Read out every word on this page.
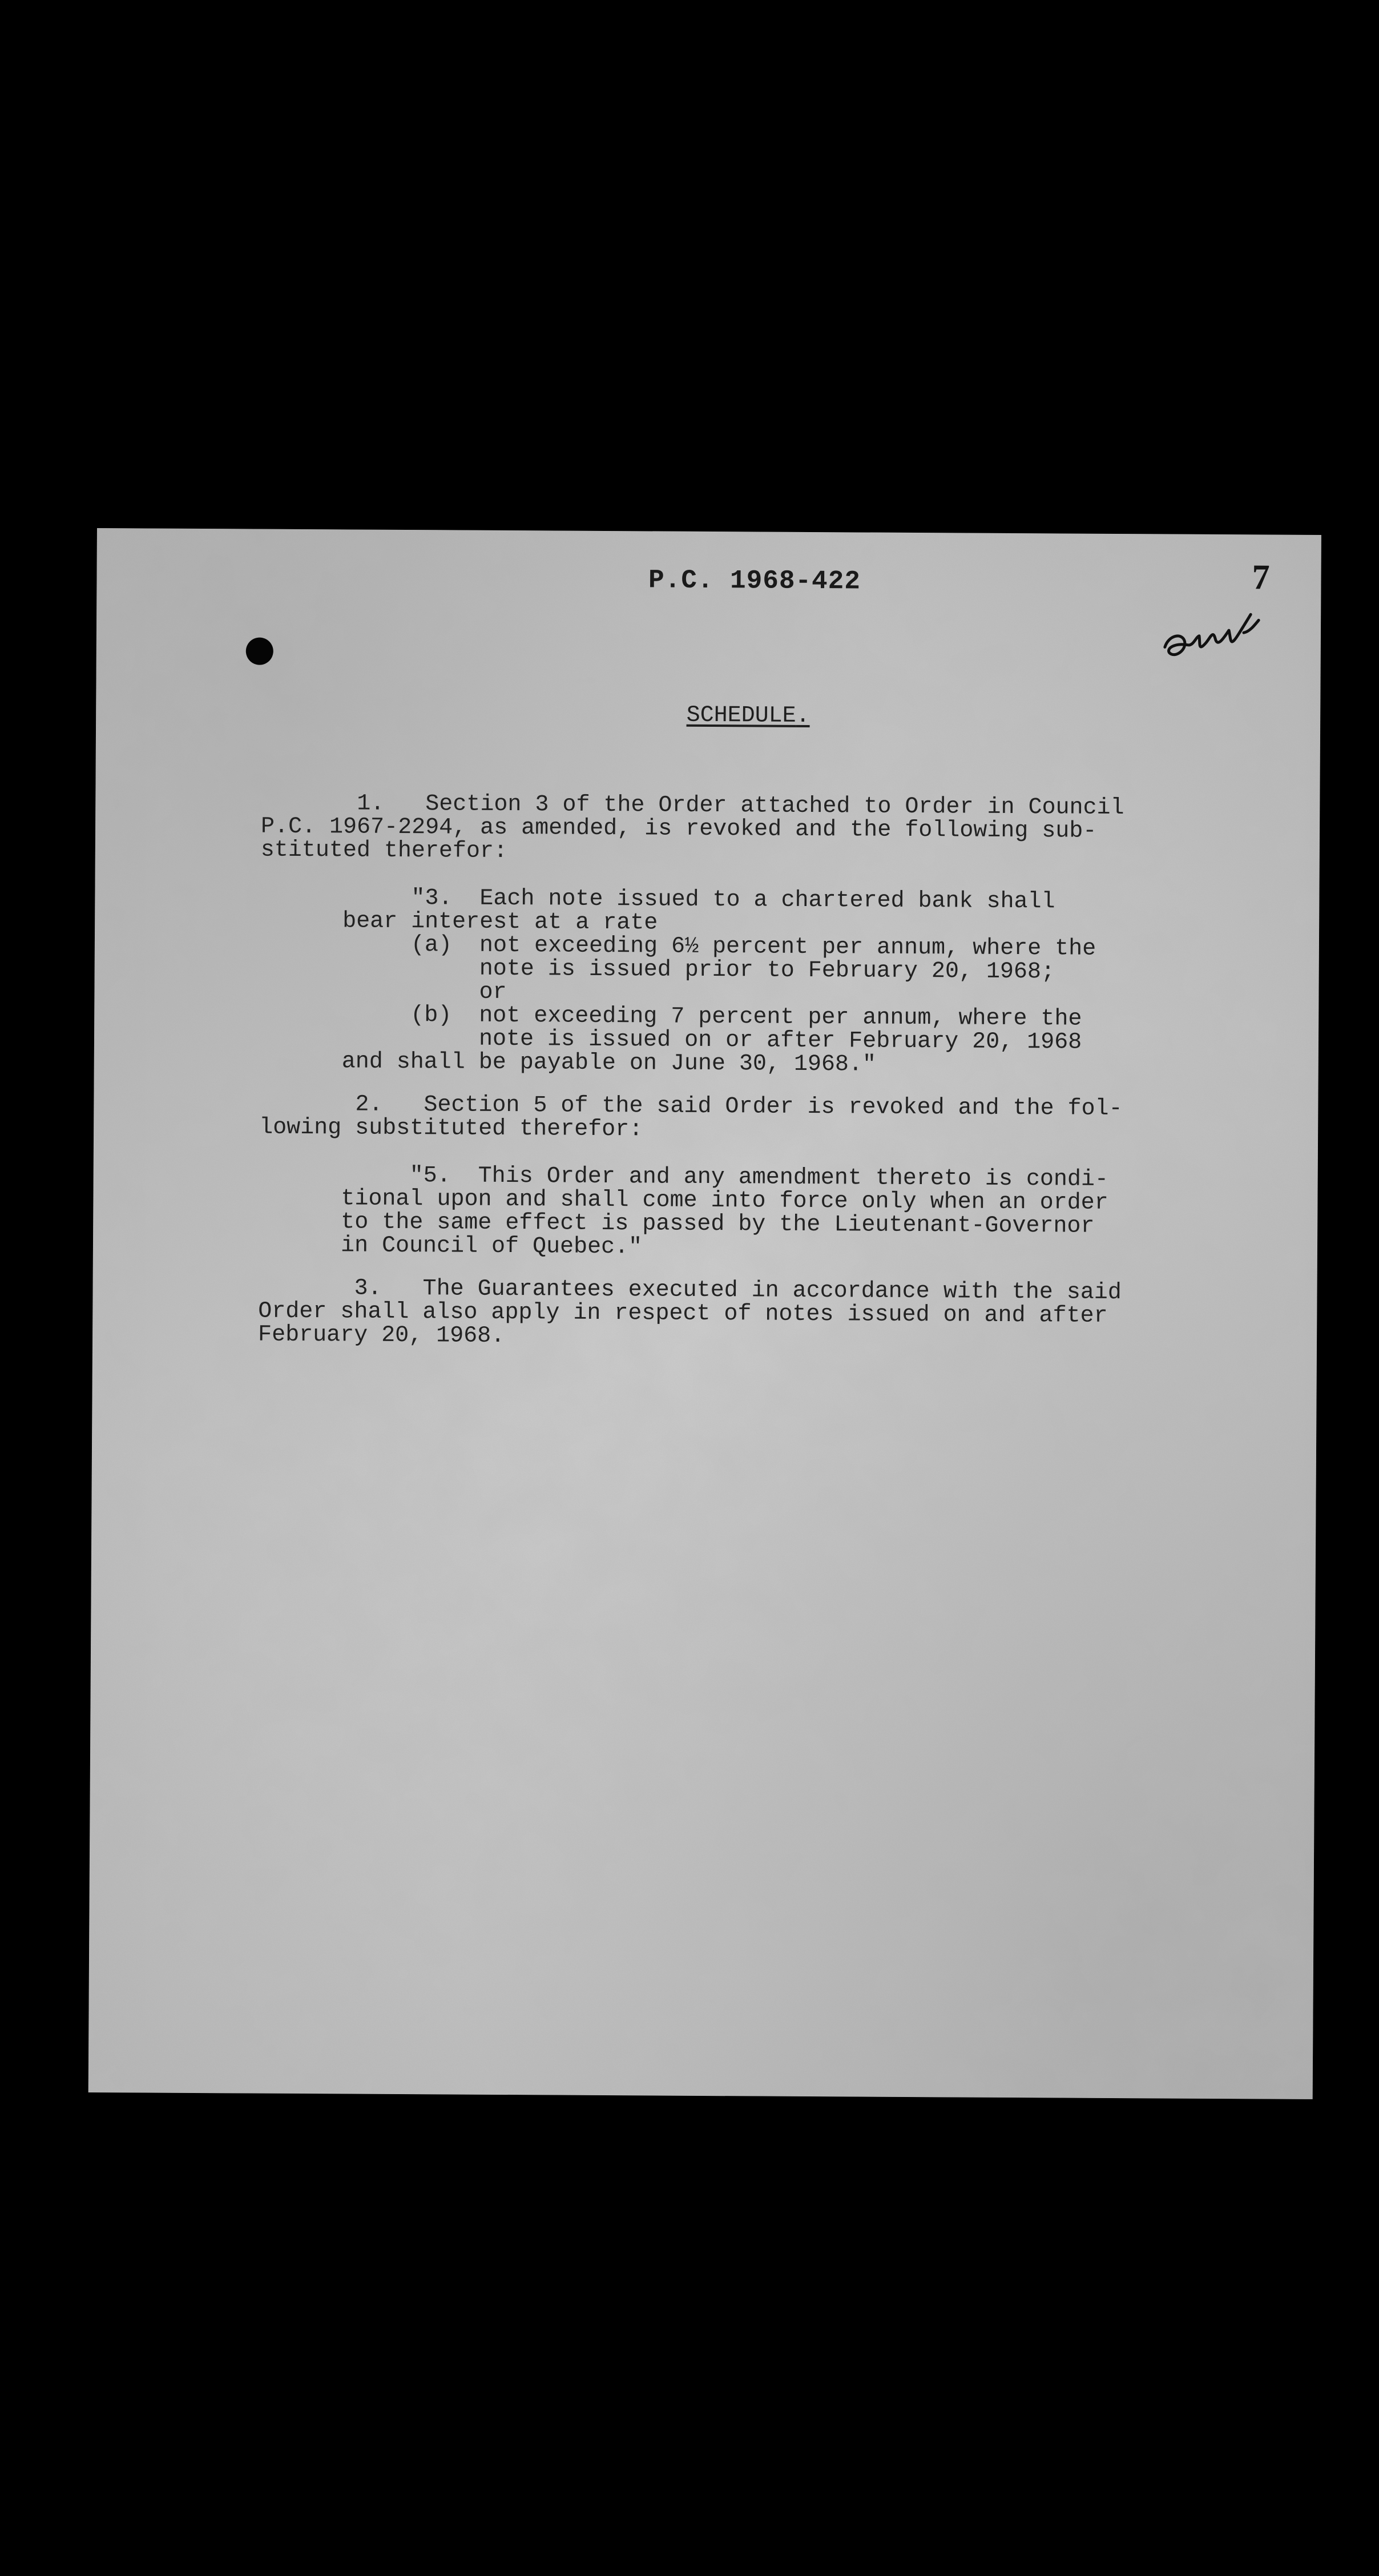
P.C. 1968-422	7
SCHEDULE.
1.   Section 3 of the Order attached to Order in Council
P.C. 1967-2294, as amended, is revoked and the following sub-
stituted therefor:
"3.  Each note issued to a chartered bank shall
bear interest at a rate
(a)  not exceeding 6½ percent per annum, where the
note is issued prior to February 20, 1968;
or
(b)  not exceeding 7 percent per annum, where the
note is issued on or after February 20, 1968
and shall be payable on June 30, 1968."
2.   Section 5 of the said Order is revoked and the fol-
lowing substituted therefor:
"5.  This Order and any amendment thereto is condi-
tional upon and shall come into force only when an order
to the same effect is passed by the Lieutenant-Governor
in Council of Quebec."
3.   The Guarantees executed in accordance with the said
Order shall also apply in respect of notes issued on and after
February 20, 1968.
